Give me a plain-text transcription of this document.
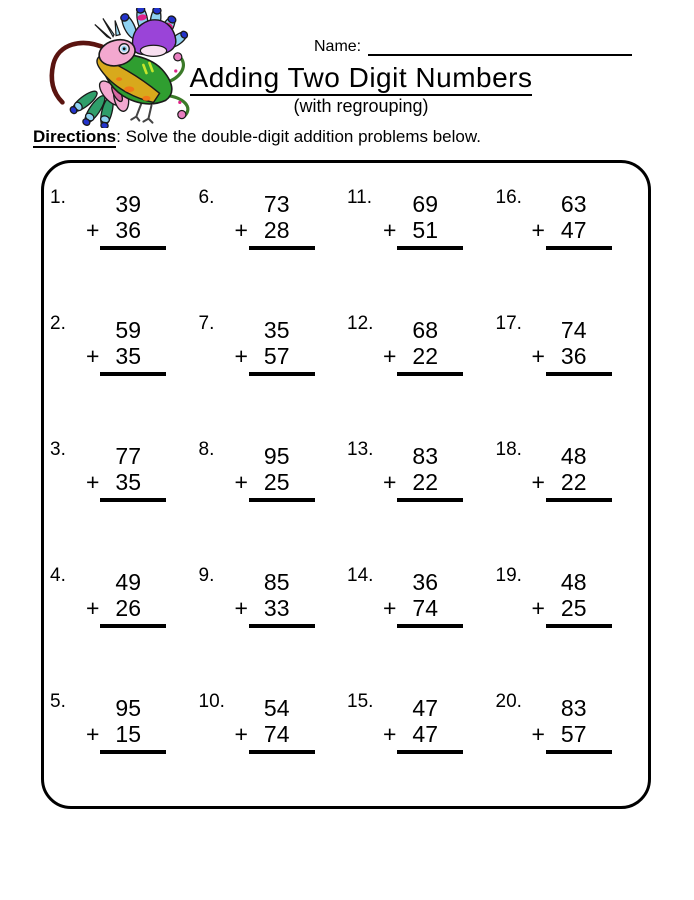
Name:
Adding Two Digit Numbers
(with regrouping)
Directions: Solve the double-digit addition problems below.
1.	39
+ 36
2.	59
+ 35
3.	77
+ 35
4.	49
+ 26
5.	95
+ 15
6.	73
+ 28
7.	35
+ 57
8.	95
+ 25
9.	85
+ 33
10.	54
+ 74
11.	69
+ 51
12.	68
+ 22
13.	83
+ 22
14.	36
+ 74
15.	47
+ 47
16.	63
+ 47
17.	74
+ 36
18.	48
+ 22
19.	48
+ 25
20.	83
+ 57
